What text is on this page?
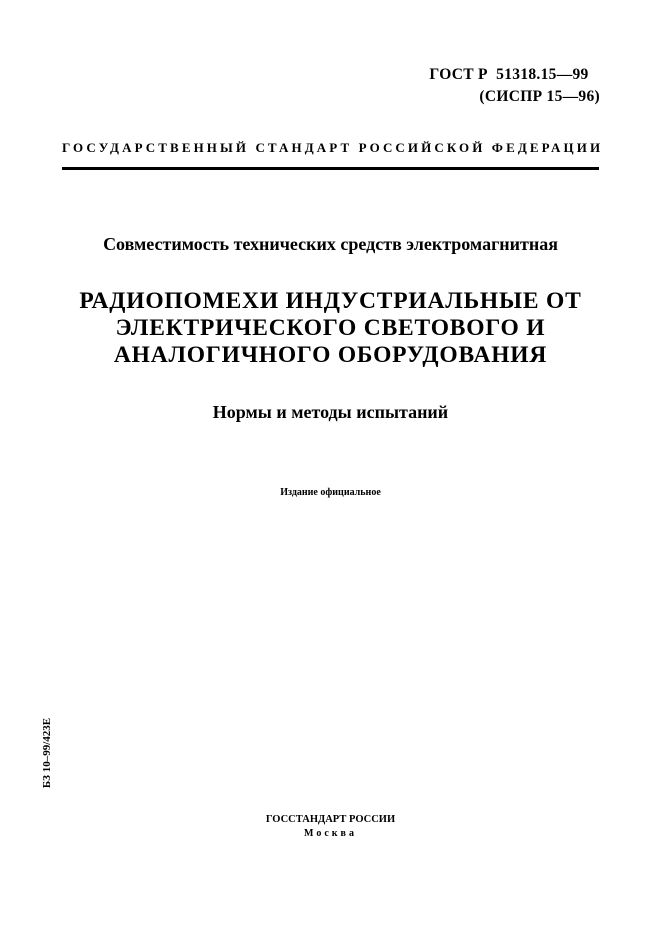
ГОСТ Р  51318.15—99
(СИСПР 15—96)
ГОСУДАРСТВЕННЫЙ СТАНДАРТ РОССИЙСКОЙ ФЕДЕРАЦИИ
Совместимость технических средств электромагнитная
РАДИОПОМЕХИ ИНДУСТРИАЛЬНЫЕ ОТ
ЭЛЕКТРИЧЕСКОГО СВЕТОВОГО И
АНАЛОГИЧНОГО ОБОРУДОВАНИЯ
Нормы и методы испытаний
Издание официальное
БЗ 10–99/423Е
ГОССТАНДАРТ РОССИИ
Москва
